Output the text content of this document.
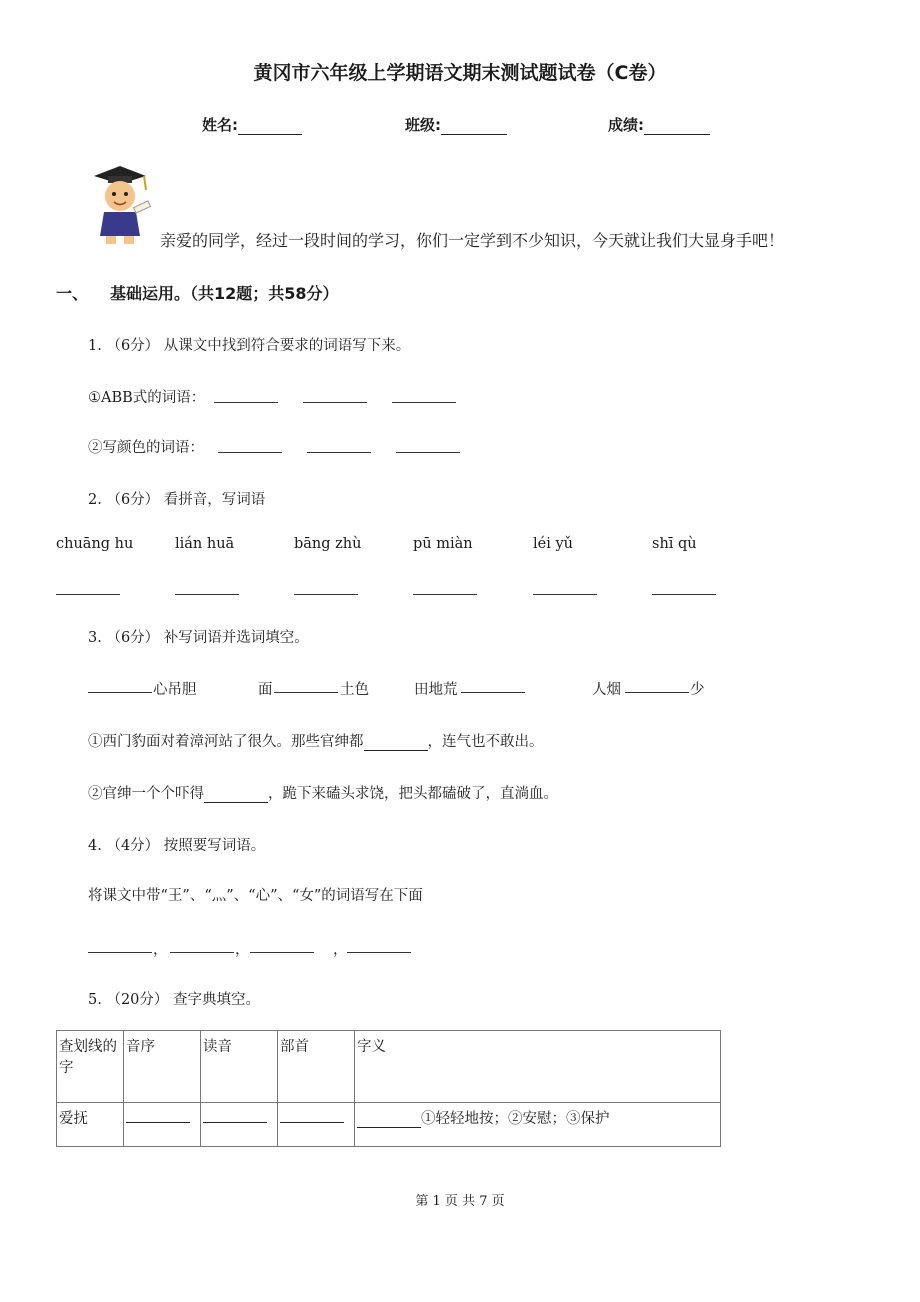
黄冈市六年级上学期语文期末测试题试卷（C卷）
姓名:	班级:	成绩:
亲爱的同学，经过一段时间的学习，你们一定学到不少知识，今天就让我们大显身手吧！
一、 基础运用。（共12题；共58分）
1. （6分） 从课文中找到符合要求的词语写下来。
①ABB式的词语：
②写颜色的词语：
2. （6分） 看拼音，写词语
chuāng hu	lián huā	bāng zhù	pū miàn	léi yǔ	shī qù
3. （6分） 补写词语并选词填空。
心吊胆	面	土色	田地荒	人烟	少
①西门豹面对着漳河站了很久。那些官绅都	，连气也不敢出。
②官绅一个个吓得	，跪下来磕头求饶，把头都磕破了，直淌血。
4. （4分） 按照要写词语。
将课文中带“王”、“灬”、“心”、“女”的词语写在下面
，	，	，
5. （20分） 查字典填空。
查划线的字	音序	读音	部首	字义
爱抚				①轻轻地按；②安慰；③保护
第 1 页 共 7 页
